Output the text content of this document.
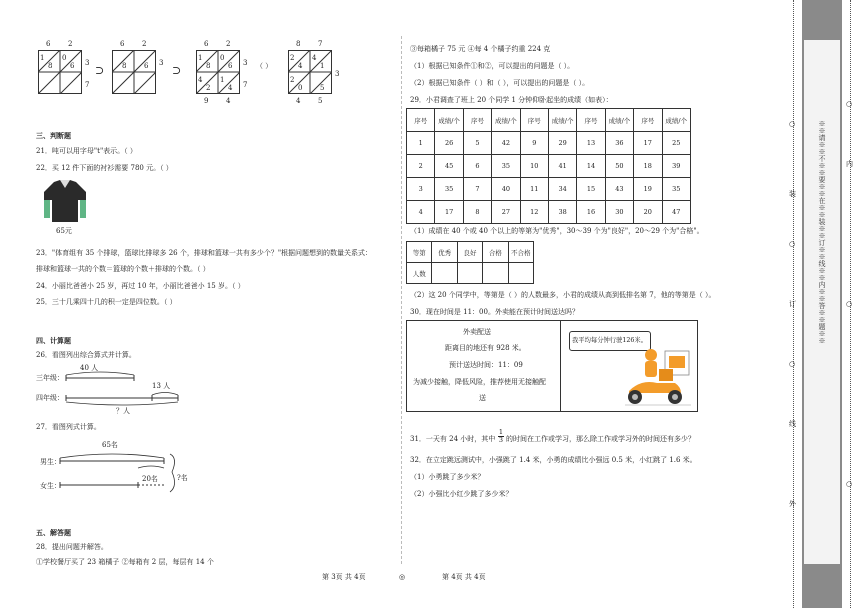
6	2
1
8
0
6 3
7
⊃
6	2
8	6 3
⊃
6	2
1
8
4
2
0
6
1
4
3
7
9	4
（ ）
8	7
2
4
4
1
2
0	5
3
4	5
三、判断题
21．吨可以用字母"t"表示。（ ）
22．买 12 件下面的衬衫需要 780 元。（ ）
65元
23．"体育组有 35 个排球，篮球比排球多 26 个，排球和篮球一共有多少个？"根据问题想到的数量关系式：
排球和篮球一共的个数＝篮球的个数＋排球的个数。（ ）
24．小丽比爸爸小 25 岁，再过 10 年，小丽比爸爸小 15 岁。（ ）
25．三十几乘四十几的积一定是四位数。（ ）
四、计算题
26．看图列出综合算式并计算。
三年级：
四年级：
40 人
13 人
？人
27．看图列式计算。
65名
男生：
女生：
20名	?名
五、解答题
28．提出问题并解答。
①学校餐厅买了 23 箱橘子 ②每箱有 2 层，每层有 14 个
③每箱橘子 75 元 ④每 4 个橘子约重 224 克
（1）根据已知条件①和②，可以提出的问题是（ ）。
（2）根据已知条件（ ）和（ ），可以提出的问题是（ ）。
29．小君调查了班上 20 个同学 1 分钟仰卧起坐的成绩（如表）：
序号	成绩/个	序号	成绩/个	序号	成绩/个	序号	成绩/个	序号	成绩/个
1	26	5	42	9	29	13	36	17	25
2	45	6	35	10	41	14	50	18	39
3	35	7	40	11	34	15	43	19	35
4	17	8	27	12	38	16	30	20	47
（1）成绩在 40 个或 40 个以上的等第为"优秀"，30～39 个为"良好"，20～29 个为"合格"。
等第	优秀	良好	合格	不合格
人数				
（2）这 20 个同学中，等第是（ ）的人数最多，小君的成绩从高到低排名第 7，他的等第是（ ）。
30．现在时间是 11：00。外卖能在预计时间送达吗？
外卖配送
距离目的地还有 928 米。
预计送达时间：11：09
为减少接触，降低风险，推荐使用无接触配
送
我平均每分钟行驶126米。
31．一天有 24 小时，其中 $\frac{1}{3}$ 的时间在工作或学习，那么除工作或学习外的时间还有多少？
32．在立定跳远测试中，小强跳了 1.4 米，小勇的成绩比小强远 0.5 米，小红跳了 1.6 米。
（1）小勇跳了多少米？
（2）小强比小红少跳了多少米？
第 3页 共 4页	◎	第 4页 共 4页
○
装
○
订
○
线
外
※※请※※不※※要※※在※※装※※订※※线※※内※※答※※题※※
○
内
○
○
